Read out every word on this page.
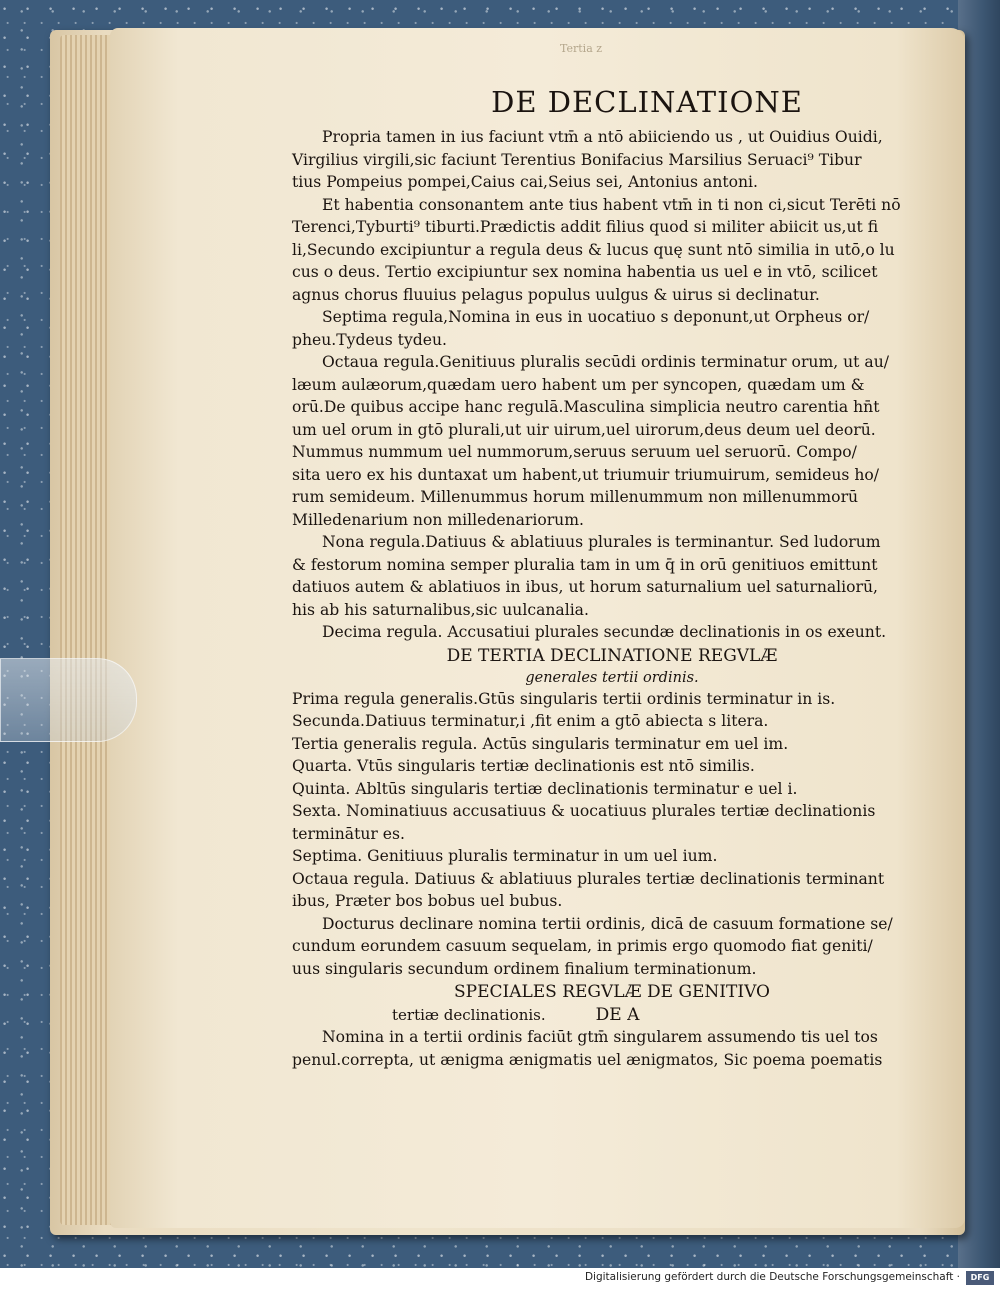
Tertia z
DE DECLINATIONE
Propria tamen in ius faciunt vtm̄ a ntō abiiciendo us , ut Ouidius Ouidi,
Virgilius virgili,sic faciunt Terentius Bonifacius Marsilius Seruaci⁹ Tibur
tius Pompeius pompei,Caius cai,Seius sei, Antonius antoni.
Et habentia consonantem ante tius habent vtm̄ in ti non ci,sicut Terēti nō
Terenci,Tyburti⁹ tiburti.Prædictis addit filius quod si militer abiicit us,ut fi
li,Secundo excipiuntur a regula deus & lucus quę sunt ntō similia in utō,o lu
cus o deus. Tertio excipiuntur sex nomina habentia us uel e in vtō, scilicet
agnus chorus fluuius pelagus populus uulgus & uirus si declinatur.
Septima regula,Nomina in eus in uocatiuo s deponunt,ut Orpheus or/
pheu.Tydeus tydeu.
Octaua regula.Genitiuus pluralis secūdi ordinis terminatur orum, ut au/
læum aulæorum,quædam uero habent um per syncopen, quædam um &
orū.De quibus accipe hanc regulā.Masculina simplicia neutro carentia hn̄t
um uel orum in gtō plurali,ut uir uirum,uel uirorum,deus deum uel deorū.
Nummus nummum uel nummorum,seruus seruum uel seruorū. Compo/
sita uero ex his duntaxat um habent,ut triumuir triumuirum, semideus ho/
rum semideum. Millenummus horum millenummum non millenummorū
Milledenarium non milledenariorum.
Nona regula.Datiuus & ablatiuus plurales is terminantur. Sed ludorum
& festorum nomina semper pluralia tam in um q̄ in orū genitiuos emittunt
datiuos autem & ablatiuos in ibus, ut horum saturnalium uel saturnaliorū,
his ab his saturnalibus,sic uulcanalia.
Decima regula. Accusatiui plurales secundæ declinationis in os exeunt.
DE TERTIA DECLINATIONE REGVLÆ
generales tertii ordinis.
Prima regula generalis.Gtūs singularis tertii ordinis terminatur in is.
Secunda.Datiuus terminatur,i ,fit enim a gtō abiecta s litera.
Tertia generalis regula. Actūs singularis terminatur em uel im.
Quarta. Vtūs singularis tertiæ declinationis est ntō similis.
Quinta. Abltūs singularis tertiæ declinationis terminatur e uel i.
Sexta. Nominatiuus accusatiuus & uocatiuus plurales tertiæ declinationis
terminātur es.
Septima. Genitiuus pluralis terminatur in um uel ium.
Octaua regula. Datiuus & ablatiuus plurales tertiæ declinationis terminant
ibus, Præter bos bobus uel bubus.
Docturus declinare nomina tertii ordinis, dicā de casuum formatione se/
cundum eorundem casuum sequelam, in primis ergo quomodo fiat geniti/
uus singularis secundum ordinem finalium terminationum.
SPECIALES REGVLÆ DE GENITIVO
tertiæ declinationis.	DE A
Nomina in a tertii ordinis faciūt gtm̄ singularem assumendo tis uel tos
penul.correpta, ut ænigma ænigmatis uel ænigmatos, Sic poema poematis
Digitalisierung gefördert durch die Deutsche Forschungsgemeinschaft ·	DFG
